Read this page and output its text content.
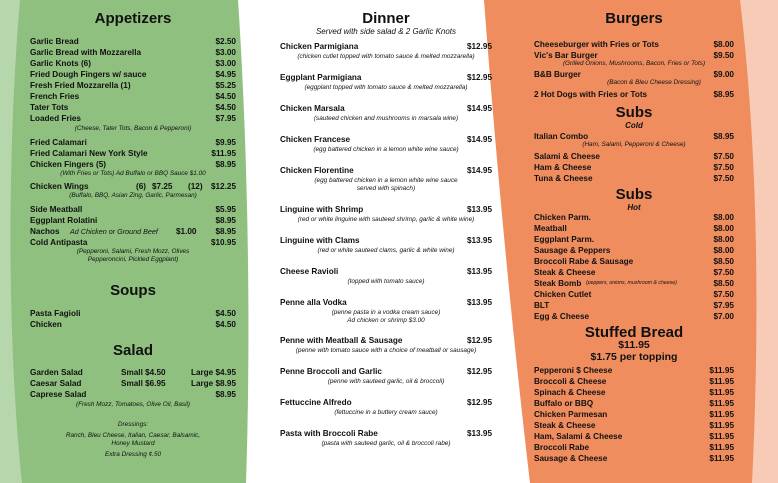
Appetizers
Garlic Bread	$2.50
Garlic Bread with Mozzarella	$3.00
Garlic Knots (6)	$3.00
Fried Dough Fingers w/ sauce	$4.95
Fresh Fried Mozzarella (1)	$5.25
French Fries	$4.50
Tater Tots	$4.50
Loaded Fries	$7.95
(Cheese, Tater Tots, Bacon & Pepperoni)
Fried Calamari	$9.95
Fried Calamari New York Style	$11.95
Chicken Fingers (5)	$8.95
(With Fries or Tots) Ad Buffalo or BBQ Sauce $1.00
Chicken Wings	(6) $7.25 (12) $12.25
(Buffalo, BBQ, Asian Zing, Garlic, Parmesan)
Side Meatball	$5.95
Eggplant Rolatini	$8.95
Nachos Ad Chicken or Ground Beef $1.00 $8.95
Cold Antipasta	$10.95
(Pepperoni, Salami, Fresh Mozz, Olives
Pepperoncini, Pickled Eggplant)
Soups
Pasta Fagioli	$4.50
Chicken	$4.50
Salad
Garden Salad	Small $4.50	Large $4.95
Caesar Salad	Small $6.95	Large $8.95
Caprese Salad	$8.95
(Fresh Mozz, Tomatoes, Olive Oil, Basil)
Dressings:
Ranch, Bleu Cheese, Italian, Caesar, Balsamic,
Honey Mustard
Extra Dressing ¢.50
Dinner
Served with side salad & 2 Garlic Knots
Chicken Parmigiana	$12.95
(chicken cutlet topped with tomato sauce & melted mozzarella)
Eggplant Parmigiana	$12.95
(eggplant topped with tomato sauce & melted mozzarella)
Chicken Marsala	$14.95
(sauteed chicken and mushrooms in marsala wine)
Chicken Francese	$14.95
(egg battered chicken in a lemon white wine sauce)
Chicken Florentine	$14.95
(egg battered chicken in a lemon white wine sauce
served with spinach)
Linguine with Shrimp	$13.95
(red or white linguine with sauteed shrimp, garlic & white wine)
Linguine with Clams	$13.95
(red or white sauteed clams, garlic & white wine)
Cheese Ravioli	$13.95
(topped with tomato sauce)
Penne alla Vodka	$13.95
(penne pasta in a vodka cream sauce)
Ad chicken or shrimp $3.00
Penne with Meatball & Sausage	$12.95
(penne with tomato sauce with a choice of meatball or sausage)
Penne Broccoli and Garlic	$12.95
(penne with sauteed garlic, oil & broccoli)
Fettuccine Alfredo	$12.95
(fettuccine in a buttery cream sauce)
Pasta with Broccoli Rabe	$13.95
(pasta with sauteed garlic, oil & broccoli rabe)
Burgers
Cheeseburger with Fries or Tots	$8.00
Vic's Bar Burger	$9.50
(Grilled Onions, Mushrooms, Bacon, Fries or Tots)
B&B Burger	$9.00
(Bacon & Bleu Cheese Dressing)
2 Hot Dogs with Fries or Tots	$8.95
Subs
Cold
Italian Combo	$8.95
(Ham, Salami, Pepperoni & Cheese)
Salami & Cheese	$7.50
Ham & Cheese	$7.50
Tuna & Cheese	$7.50
Subs
Hot
Chicken Parm.	$8.00
Meatball	$8.00
Eggplant Parm.	$8.00
Sausage & Peppers	$8.00
Broccoli Rabe & Sausage	$8.50
Steak & Cheese	$7.50
Steak Bomb (peppers, onions, mushroom & cheese)	$8.50
Chicken Cutlet	$7.50
BLT	$7.95
Egg & Cheese	$7.00
Stuffed Bread
$11.95
$1.75 per topping
Pepperoni $ Cheese	$11.95
Broccoli & Cheese	$11.95
Spinach & Cheese	$11.95
Buffalo or BBQ	$11.95
Chicken Parmesan	$11.95
Steak & Cheese	$11.95
Ham, Salami & Cheese	$11.95
Broccoli Rabe	$11.95
Sausage & Cheese	$11.95
